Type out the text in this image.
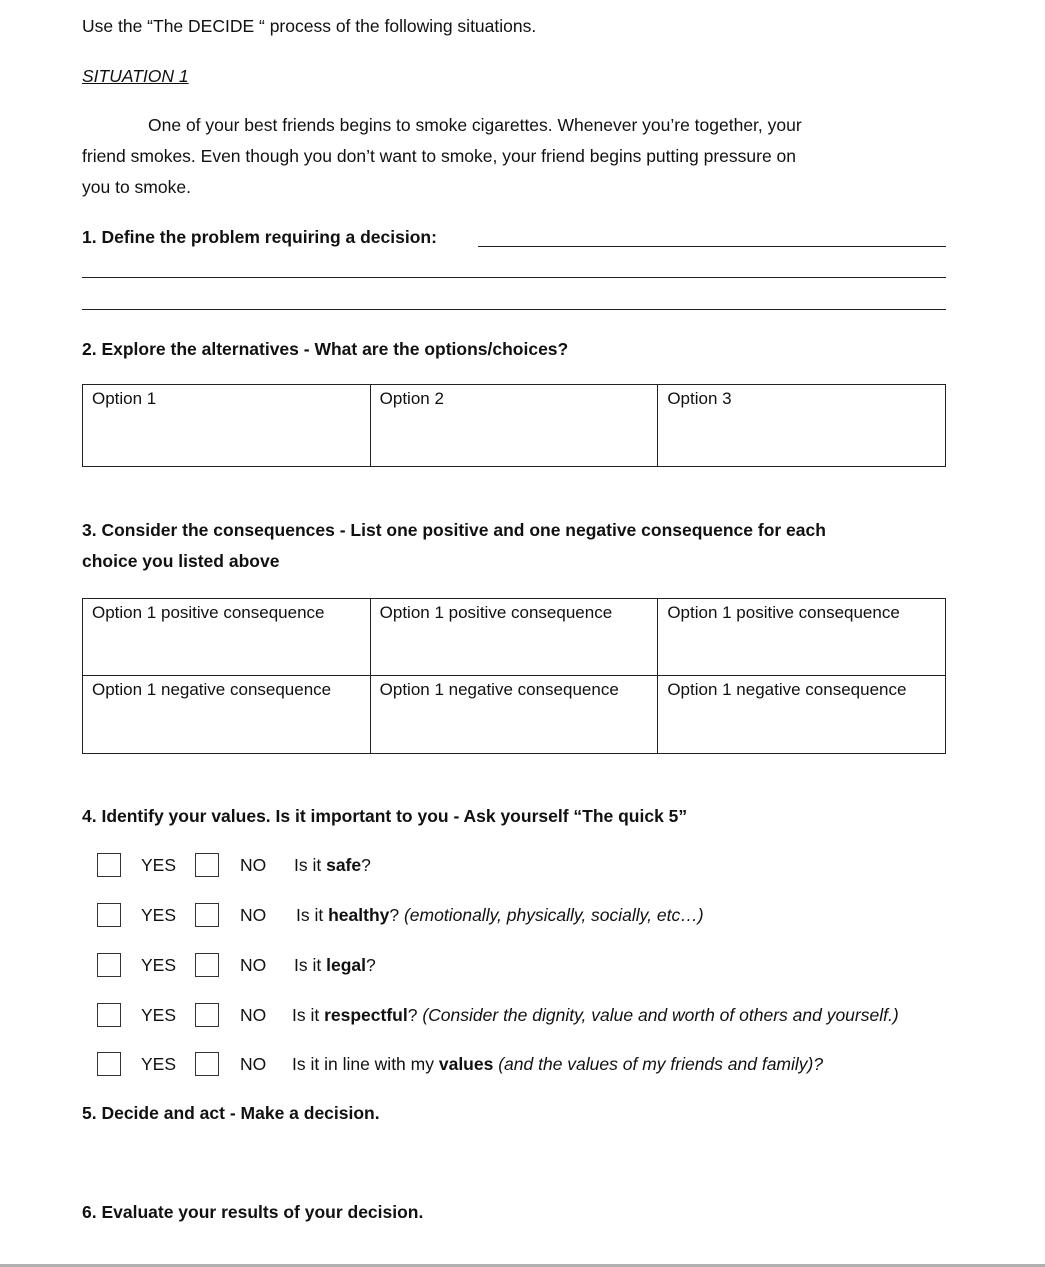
Use the “The DECIDE “ process of the following situations.
SITUATION 1
One of your best friends begins to smoke cigarettes. Whenever you’re together, your
friend smokes. Even though you don’t want to smoke, your friend begins putting pressure on
you to smoke.
1. Define the problem requiring a decision:
2. Explore the alternatives - What are the options/choices?
Option 1	Option 2	Option 3
3. Consider the consequences - List one positive and one negative consequence for each
choice you listed above
Option 1 positive consequence	Option 1 positive consequence	Option 1 positive consequence
Option 1 negative consequence	Option 1 negative consequence	Option 1 negative consequence
4. Identify your values. Is it important to you - Ask yourself “The quick 5”
YES	NO Is it safe?
YES	NO Is it healthy? (emotionally, physically, socially, etc…)
YES	NO Is it legal?
YES	NO Is it respectful? (Consider the dignity, value and worth of others and yourself.)
YES	NO Is it in line with my values (and the values of my friends and family)?
5. Decide and act - Make a decision.
6. Evaluate your results of your decision.
